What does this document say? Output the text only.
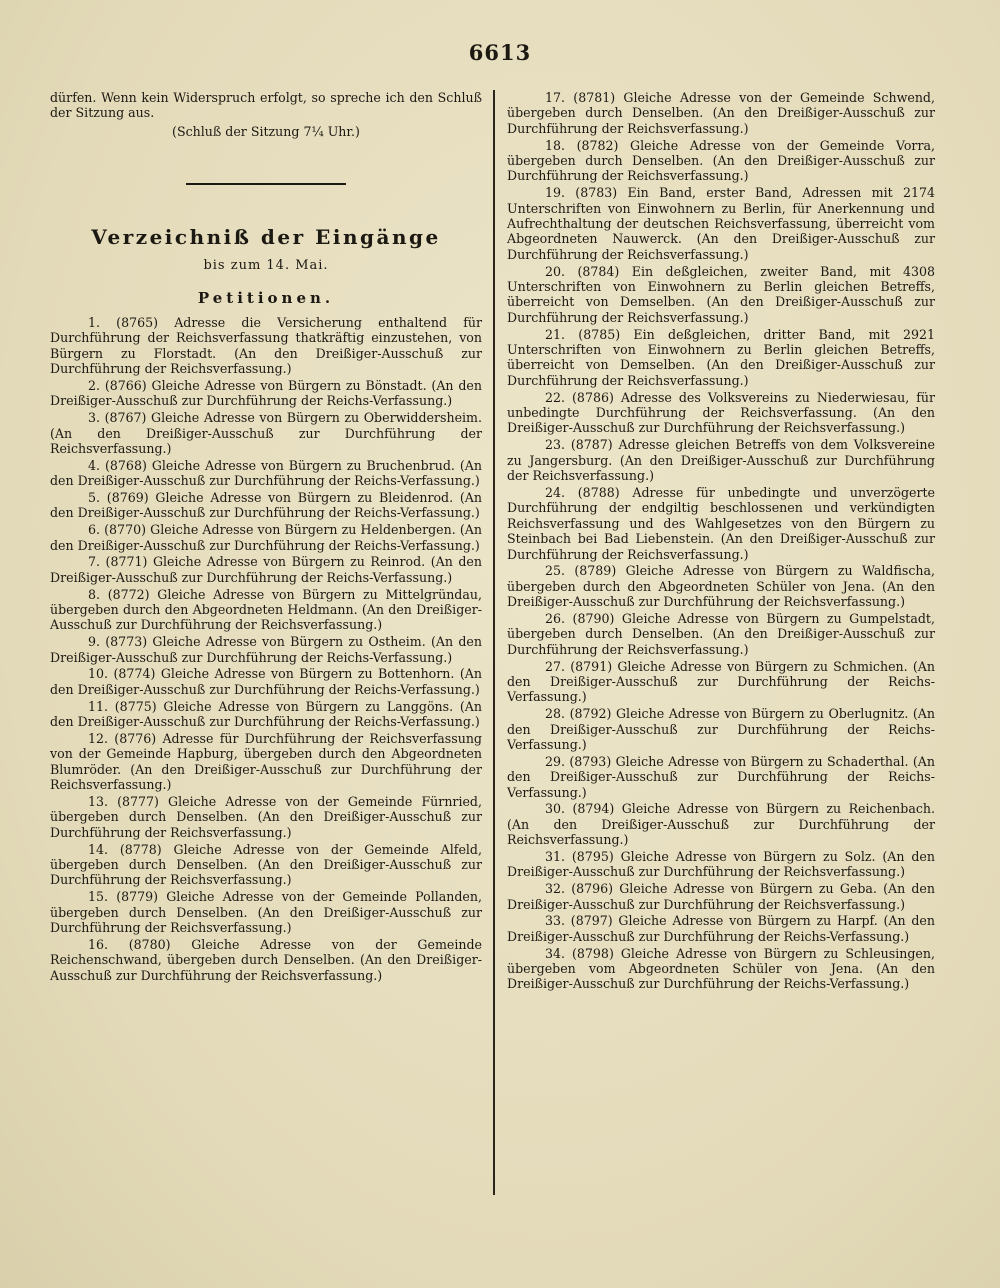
6613

dürfen. Wenn kein Widerspruch erfolgt, so spreche ich den Schluß der Sitzung aus.

(Schluß der Sitzung 7¼ Uhr.)

Verzeichniß der Eingänge
bis zum 14. Mai.
Petitionen.

1. (8765) Adresse die Versicherung enthaltend für Durchführung der Reichsverfassung thatkräftig einzustehen, von Bürgern zu Florstadt. (An den Dreißiger-Ausschuß zur Durchführung der Reichsverfassung.)

2. (8766) Gleiche Adresse von Bürgern zu Bönstadt. (An den Dreißiger-Ausschuß zur Durchführung der Reichs-Verfassung.)

3. (8767) Gleiche Adresse von Bürgern zu Oberwiddersheim. (An den Dreißiger-Ausschuß zur Durchführung der Reichsverfassung.)

4. (8768) Gleiche Adresse von Bürgern zu Bruchenbrud. (An den Dreißiger-Ausschuß zur Durchführung der Reichs-Verfassung.)

5. (8769) Gleiche Adresse von Bürgern zu Bleidenrod. (An den Dreißiger-Ausschuß zur Durchführung der Reichs-Verfassung.)

6. (8770) Gleiche Adresse von Bürgern zu Heldenbergen. (An den Dreißiger-Ausschuß zur Durchführung der Reichs-Verfassung.)

7. (8771) Gleiche Adresse von Bürgern zu Reinrod. (An den Dreißiger-Ausschuß zur Durchführung der Reichs-Verfassung.)

8. (8772) Gleiche Adresse von Bürgern zu Mittelgründau, übergeben durch den Abgeordneten Heldmann. (An den Dreißiger-Ausschuß zur Durchführung der Reichsverfassung.)

9. (8773) Gleiche Adresse von Bürgern zu Ostheim. (An den Dreißiger-Ausschuß zur Durchführung der Reichs-Verfassung.)

10. (8774) Gleiche Adresse von Bürgern zu Bottenhorn. (An den Dreißiger-Ausschuß zur Durchführung der Reichs-Verfassung.)

11. (8775) Gleiche Adresse von Bürgern zu Langgöns. (An den Dreißiger-Ausschuß zur Durchführung der Reichs-Verfassung.)

12. (8776) Adresse für Durchführung der Reichsverfassung von der Gemeinde Hapburg, übergeben durch den Abgeordneten Blumröder. (An den Dreißiger-Ausschuß zur Durchführung der Reichsverfassung.)

13. (8777) Gleiche Adresse von der Gemeinde Fürnried, übergeben durch Denselben. (An den Dreißiger-Ausschuß zur Durchführung der Reichsverfassung.)

14. (8778) Gleiche Adresse von der Gemeinde Alfeld, übergeben durch Denselben. (An den Dreißiger-Ausschuß zur Durchführung der Reichsverfassung.)

15. (8779) Gleiche Adresse von der Gemeinde Pollanden, übergeben durch Denselben. (An den Dreißiger-Ausschuß zur Durchführung der Reichsverfassung.)

16. (8780) Gleiche Adresse von der Gemeinde Reichenschwand, übergeben durch Denselben. (An den Dreißiger-Ausschuß zur Durchführung der Reichsverfassung.)

17. (8781) Gleiche Adresse von der Gemeinde Schwend, übergeben durch Denselben. (An den Dreißiger-Ausschuß zur Durchführung der Reichsverfassung.)

18. (8782) Gleiche Adresse von der Gemeinde Vorra, übergeben durch Denselben. (An den Dreißiger-Ausschuß zur Durchführung der Reichsverfassung.)

19. (8783) Ein Band, erster Band, Adressen mit 2174 Unterschriften von Einwohnern zu Berlin, für Anerkennung und Aufrechthaltung der deutschen Reichsverfassung, überreicht vom Abgeordneten Nauwerck. (An den Dreißiger-Ausschuß zur Durchführung der Reichsverfassung.)

20. (8784) Ein deßgleichen, zweiter Band, mit 4308 Unterschriften von Einwohnern zu Berlin gleichen Betreffs, überreicht von Demselben. (An den Dreißiger-Ausschuß zur Durchführung der Reichsverfassung.)

21. (8785) Ein deßgleichen, dritter Band, mit 2921 Unterschriften von Einwohnern zu Berlin gleichen Betreffs, überreicht von Demselben. (An den Dreißiger-Ausschuß zur Durchführung der Reichsverfassung.)

22. (8786) Adresse des Volksvereins zu Niederwiesau, für unbedingte Durchführung der Reichsverfassung. (An den Dreißiger-Ausschuß zur Durchführung der Reichsverfassung.)

23. (8787) Adresse gleichen Betreffs von dem Volksvereine zu Jangersburg. (An den Dreißiger-Ausschuß zur Durchführung der Reichsverfassung.)

24. (8788) Adresse für unbedingte und unverzögerte Durchführung der endgiltig beschlossenen und verkündigten Reichsverfassung und des Wahlgesetzes von den Bürgern zu Steinbach bei Bad Liebenstein. (An den Dreißiger-Ausschuß zur Durchführung der Reichsverfassung.)

25. (8789) Gleiche Adresse von Bürgern zu Waldfischa, übergeben durch den Abgeordneten Schüler von Jena. (An den Dreißiger-Ausschuß zur Durchführung der Reichsverfassung.)

26. (8790) Gleiche Adresse von Bürgern zu Gumpelstadt, übergeben durch Denselben. (An den Dreißiger-Ausschuß zur Durchführung der Reichsverfassung.)

27. (8791) Gleiche Adresse von Bürgern zu Schmichen. (An den Dreißiger-Ausschuß zur Durchführung der Reichs-Verfassung.)

28. (8792) Gleiche Adresse von Bürgern zu Oberlugnitz. (An den Dreißiger-Ausschuß zur Durchführung der Reichs-Verfassung.)

29. (8793) Gleiche Adresse von Bürgern zu Schaderthal. (An den Dreißiger-Ausschuß zur Durchführung der Reichs-Verfassung.)

30. (8794) Gleiche Adresse von Bürgern zu Reichenbach. (An den Dreißiger-Ausschuß zur Durchführung der Reichsverfassung.)

31. (8795) Gleiche Adresse von Bürgern zu Solz. (An den Dreißiger-Ausschuß zur Durchführung der Reichsverfassung.)

32. (8796) Gleiche Adresse von Bürgern zu Geba. (An den Dreißiger-Ausschuß zur Durchführung der Reichsverfassung.)

33. (8797) Gleiche Adresse von Bürgern zu Harpf. (An den Dreißiger-Ausschuß zur Durchführung der Reichs-Verfassung.)

34. (8798) Gleiche Adresse von Bürgern zu Schleusingen, übergeben vom Abgeordneten Schüler von Jena. (An den Dreißiger-Ausschuß zur Durchführung der Reichs-Verfassung.)
